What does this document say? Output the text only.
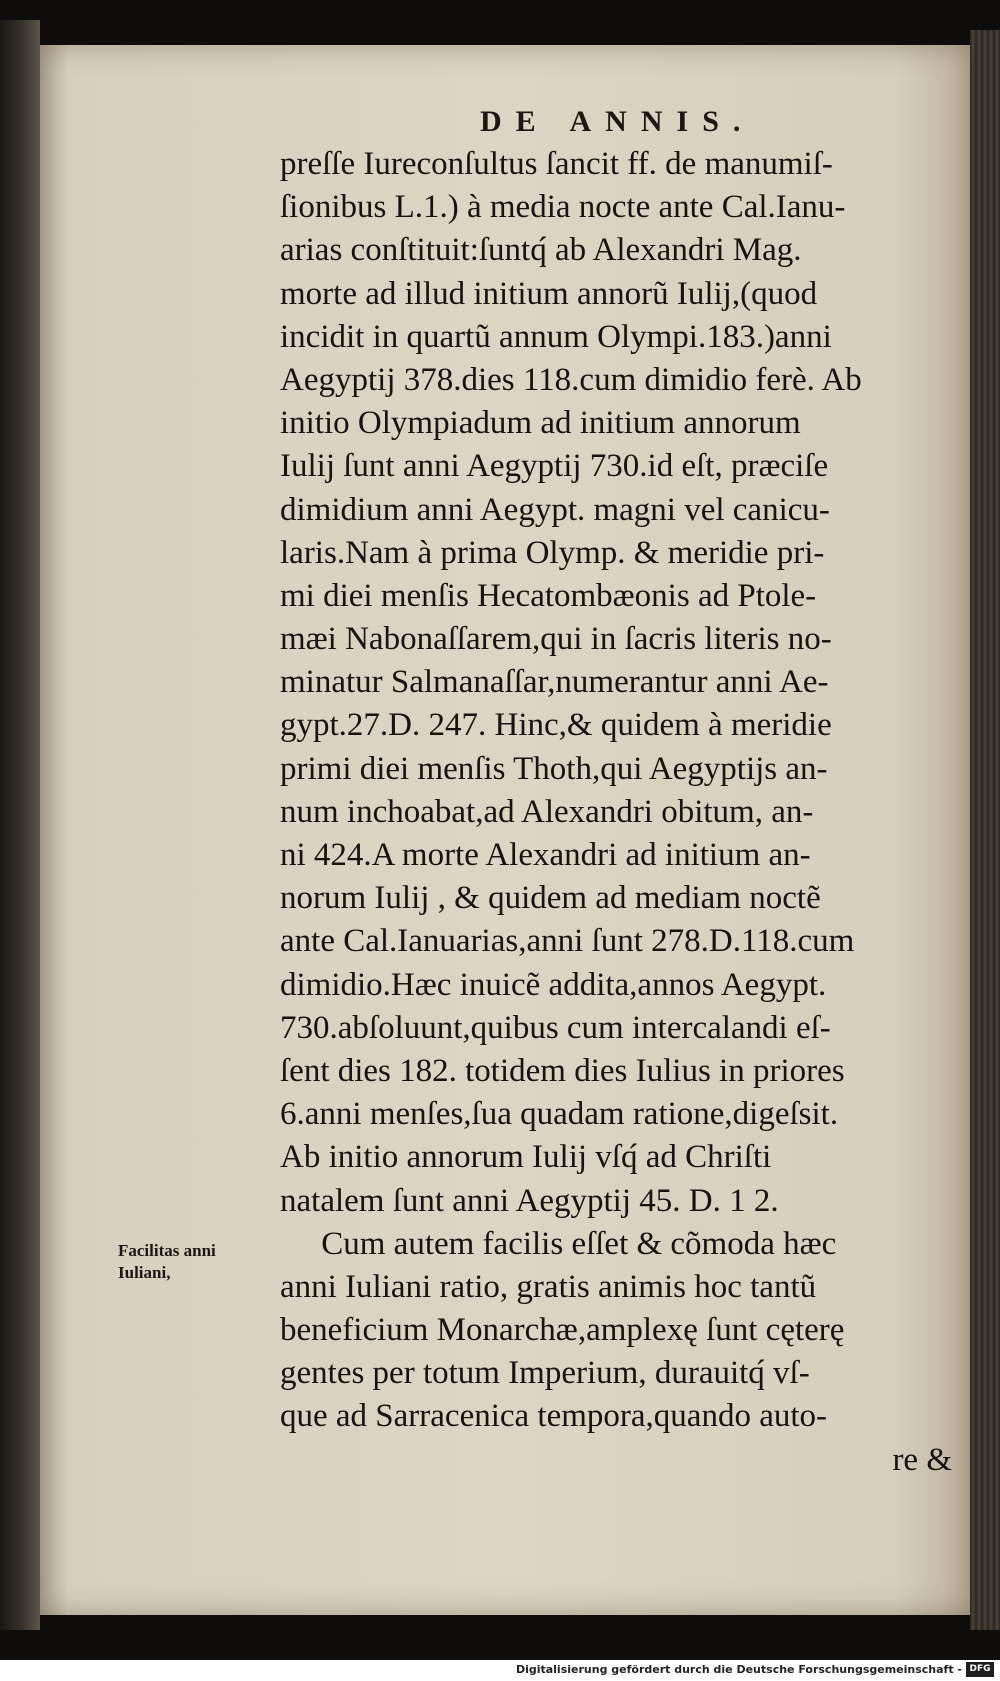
DE ANNIS.
Facilitas anni
Iuliani,
preſſe Iureconſultus ſancit ff. de manumiſ-
ſionibus L.1.) à media nocte ante Cal.Ianu-
arias conſtituit:ſuntq́ ab Alexandri Mag.
morte ad illud initium annorũ Iulij,(quod
incidit in quartũ annum Olympi.183.)anni
Aegyptij 378.dies 118.cum dimidio ferè. Ab
initio Olympiadum ad initium annorum
Iulij ſunt anni Aegyptij 730.id eſt, præciſe
dimidium anni Aegypt. magni vel canicu-
laris.Nam à prima Olymp. & meridie pri-
mi diei menſis Hecatombæonis ad Ptole-
mæi Nabonaſſarem,qui in ſacris literis no-
minatur Salmanaſſar,numerantur anni Ae-
gypt.27.D. 247. Hinc,& quidem à meridie
primi diei menſis Thoth,qui Aegyptijs an-
num inchoabat,ad Alexandri obitum, an-
ni 424.A morte Alexandri ad initium an-
norum Iulij , & quidem ad mediam noctẽ
ante Cal.Ianuarias,anni ſunt 278.D.118.cum
dimidio.Hæc inuicẽ addita,annos Aegypt.
730.abſoluunt,quibus cum intercalandi eſ-
ſent dies 182. totidem dies Iulius in priores
6.anni menſes,ſua quadam ratione,digeſsit.
Ab initio annorum Iulij vſq́ ad Chriſti
natalem ſunt anni Aegyptij 45. D. 1 2.
Cum autem facilis eſſet & cõmoda hæc
anni Iuliani ratio, gratis animis hoc tantũ
beneficium Monarchæ,amplexę ſunt cęterę
gentes per totum Imperium, durauitq́ vſ-
que ad Sarracenica tempora,quando auto-
re &
Digitalisierung gefördert durch die Deutsche Forschungsgemeinschaft - DFG
